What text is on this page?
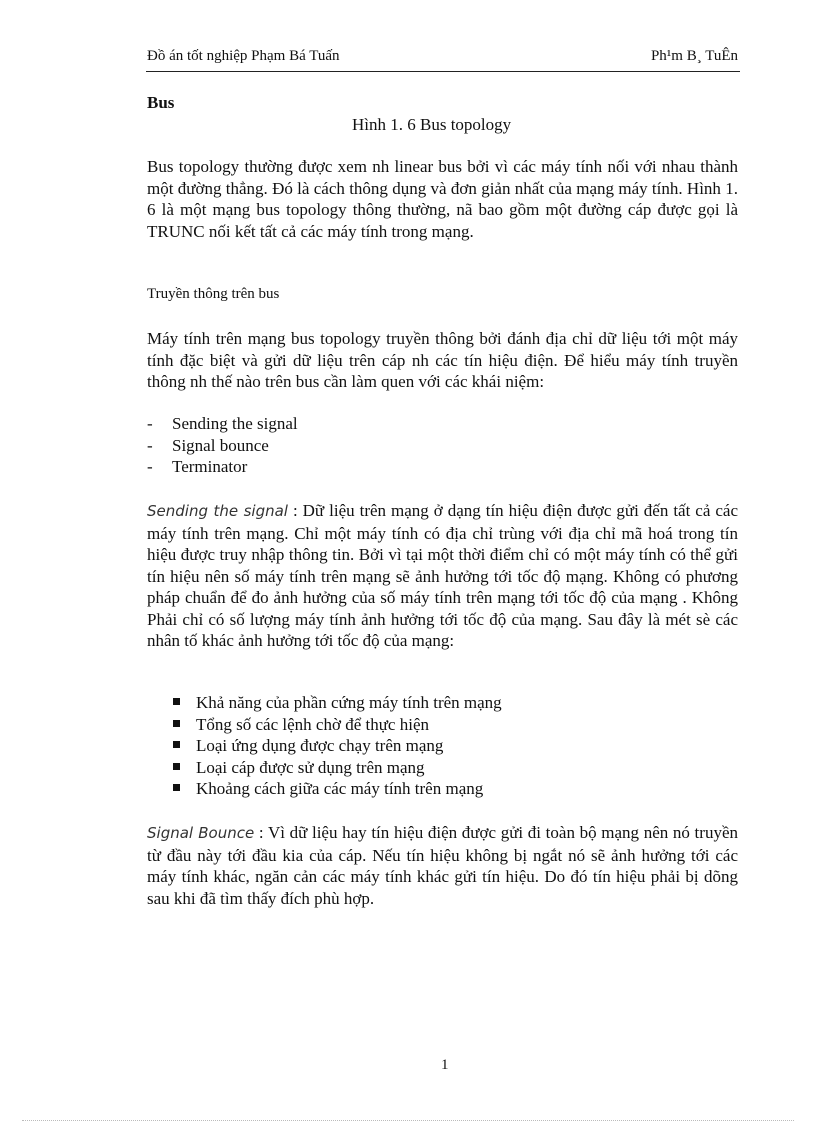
Đồ án tốt nghiệp Phạm Bá Tuấn	Ph¹m B¸ TuÊn
Bus
Hình 1. 6 Bus topology

Bus topology thường được xem nh linear bus bởi vì các máy tính nối với nhau thành một đường thẳng. Đó là cách thông dụng và đơn giản nhất của mạng máy tính. Hình 1. 6 là một mạng bus topology thông thường, nã bao gồm một đường cáp được gọi là TRUNC nối kết tất cả các máy tính trong mạng.

Truyền thông trên bus

Máy tính trên mạng bus topology truyền thông bởi đánh địa chỉ dữ liệu tới một máy tính đặc biệt và gửi dữ liệu trên cáp nh các tín hiệu điện. Để hiểu máy tính truyền thông nh thế nào trên bus cần làm quen với các khái niệm:

- Sending the signal
- Signal bounce
- Terminator

Sending the signal : Dữ liệu trên mạng ở dạng tín hiệu điện được gửi đến tất cả các máy tính trên mạng. Chỉ một máy tính có địa chỉ trùng với địa chỉ mã hoá trong tín hiệu được truy nhập thông tin. Bởi vì tại một thời điểm chỉ có một máy tính có thể gửi tín hiệu nên số máy tính trên mạng sẽ ảnh hưởng tới tốc độ mạng. Không có phương pháp chuẩn để đo ảnh hưởng của số máy tính trên mạng tới tốc độ của mạng . Không Phải chỉ có số lượng máy tính ảnh hưởng tới tốc độ của mạng. Sau đây là mét sè các nhân tố khác ảnh hưởng tới tốc độ của mạng:

Khả năng của phần cứng máy tính trên mạng
Tổng số các lệnh chờ để thực hiện
Loại ứng dụng được chạy trên mạng
Loại cáp được sử dụng trên mạng
Khoảng cách giữa các máy tính trên mạng

Signal Bounce : Vì dữ liệu hay tín hiệu điện được gửi đi toàn bộ mạng nên nó truyền từ đầu này tới đầu kia của cáp. Nếu tín hiệu không bị ngắt nó sẽ ảnh hưởng tới các máy tính khác, ngăn cản các máy tính khác gửi tín hiệu. Do đó tín hiệu phải bị dõng sau khi đã tìm thấy đích phù hợp.

1
